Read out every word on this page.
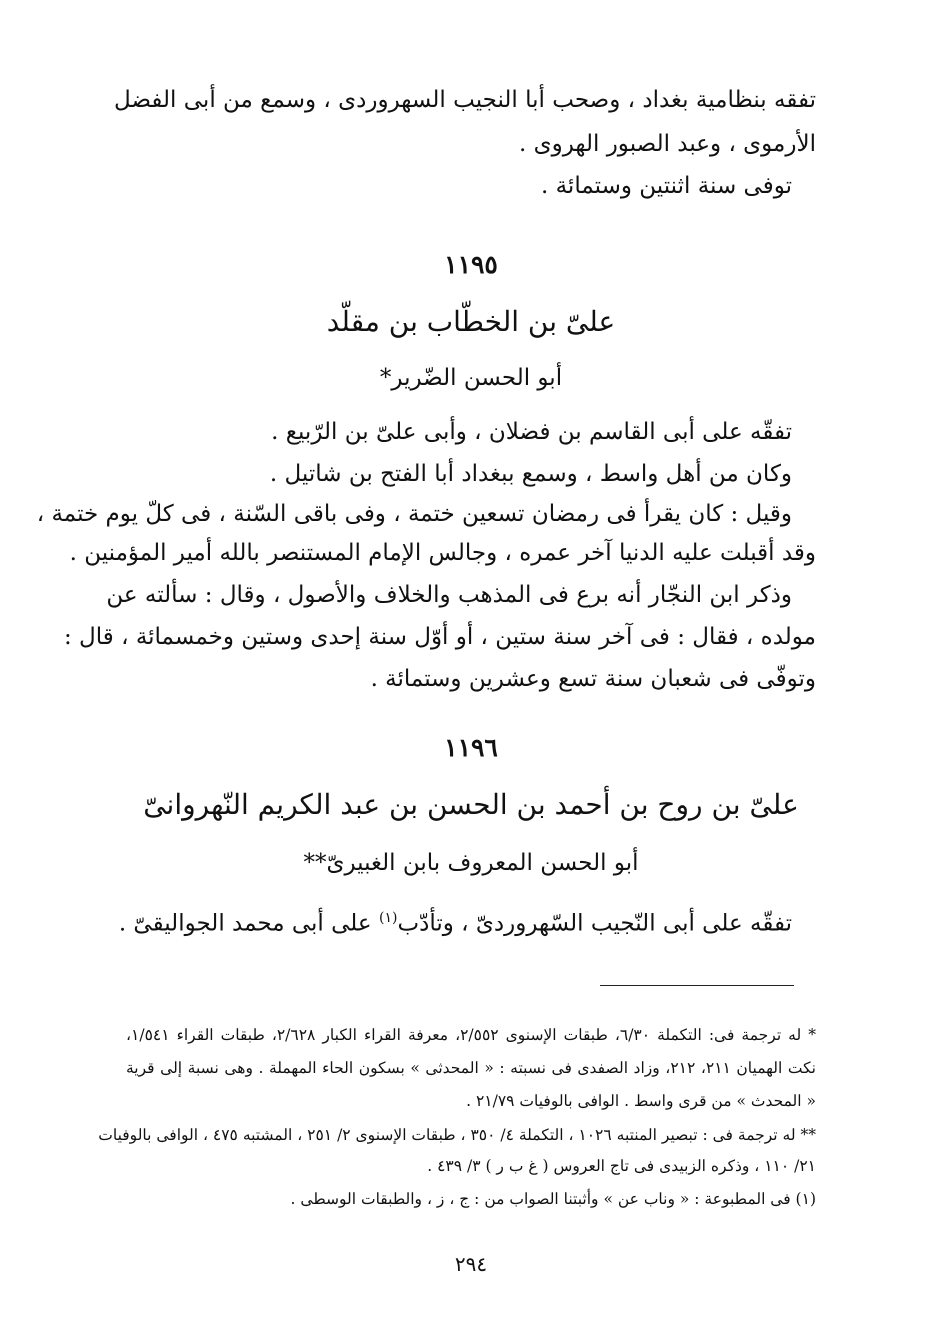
تفقه بنظامية بغداد ، وصحب أبا النجيب السهروردى ، وسمع من أبى الفضل
الأرموى ، وعبد الصبور الهروى .
توفى سنة اثنتين وستمائة .
١١٩٥
علىّ بن الخطّاب بن مقلّد
أبو الحسن الضّرير*
تفقّه على أبى القاسم بن فضلان ، وأبى علىّ بن الرّبيع .
وكان من أهل واسط ، وسمع ببغداد أبا الفتح بن شاتيل .
وقيل : كان يقرأ فى رمضان تسعين ختمة ، وفى باقى السّنة ، فى كلّ يوم ختمة ،
وقد أقبلت عليه الدنيا آخر عمره ، وجالس الإمام المستنصر بالله أمير المؤمنين .
وذكر ابن النجّار أنه برع فى المذهب والخلاف والأصول ، وقال : سألته عن
مولده ، فقال : فى آخر سنة ستين ، أو أوّل سنة إحدى وستين وخمسمائة ، قال :
وتوفّى فى شعبان سنة تسع وعشرين وستمائة .
١١٩٦
علىّ بن روح بن أحمد بن الحسن بن عبد الكريم النّهروانىّ
أبو الحسن المعروف بابن الغبيرىّ**
تفقّه على أبى النّجيب السّهروردىّ ، وتأدّب$^{(١)}$ على أبى محمد الجواليقىّ .
* له ترجمة فى: التكملة ٦/٣٠، طبقات الإسنوى ٢/٥٥٢، معرفة القراء الكبار ٢/٦٢٨، طبقات القراء ١/٥٤١،
نكت الهميان ٢١١، ٢١٢، وزاد الصفدى فى نسبته : « المحدثى » بسكون الحاء المهملة . وهى نسبة إلى قرية
« المحدث » من قرى واسط . الوافى بالوفيات ٢١/٧٩ .
** له ترجمة فى : تبصير المنتبه ١٠٢٦ ، التكملة ٤/ ٣٥٠ ، طبقات الإسنوى ٢/ ٢٥١ ، المشتبه ٤٧٥ ، الوافى بالوفيات
٢١/ ١١٠ ، وذكره الزبيدى فى تاج العروس ( غ ب ر ) ٣/ ٤٣٩ .
(١) فى المطبوعة : « وناب عن » وأثبتنا الصواب من : ج ، ز ، والطبقات الوسطى .
٢٩٤
